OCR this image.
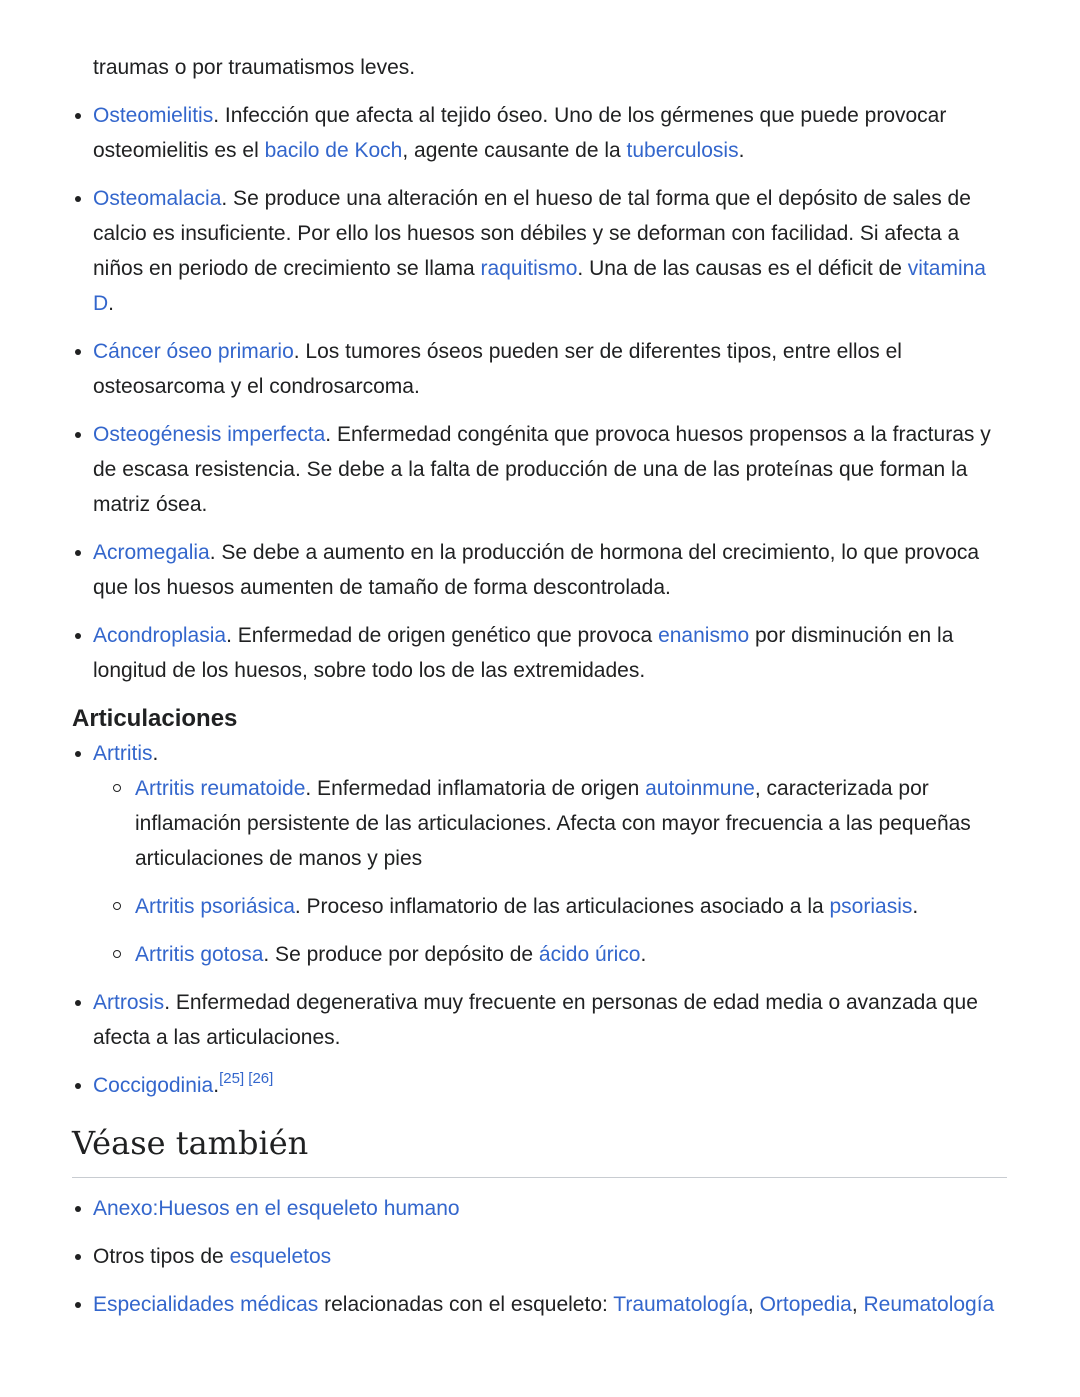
traumas o por traumatismos leves.

Osteomielitis. Infección que afecta al tejido óseo. Uno de los gérmenes que puede provocar osteomielitis es el bacilo de Koch, agente causante de la tuberculosis.
Osteomalacia. Se produce una alteración en el hueso de tal forma que el depósito de sales de calcio es insuficiente. Por ello los huesos son débiles y se deforman con facilidad. Si afecta a niños en periodo de crecimiento se llama raquitismo. Una de las causas es el déficit de vitamina D.
Cáncer óseo primario. Los tumores óseos pueden ser de diferentes tipos, entre ellos el osteosarcoma y el condrosarcoma.
Osteogénesis imperfecta. Enfermedad congénita que provoca huesos propensos a la fracturas y de escasa resistencia. Se debe a la falta de producción de una de las proteínas que forman la matriz ósea.
Acromegalia. Se debe a aumento en la producción de hormona del crecimiento, lo que provoca que los huesos aumenten de tamaño de forma descontrolada.
Acondroplasia. Enfermedad de origen genético que provoca enanismo por disminución en la longitud de los huesos, sobre todo los de las extremidades.
Articulaciones
Artritis.
Artritis reumatoide. Enfermedad inflamatoria de origen autoinmune, caracterizada por inflamación persistente de las articulaciones. Afecta con mayor frecuencia a las pequeñas articulaciones de manos y pies
Artritis psoriásica. Proceso inflamatorio de las articulaciones asociado a la psoriasis.
Artritis gotosa. Se produce por depósito de ácido úrico.
Artrosis. Enfermedad degenerativa muy frecuente en personas de edad media o avanzada que afecta a las articulaciones.
Coccigodinia.[25] [26]
Véase también
Anexo:Huesos en el esqueleto humano
Otros tipos de esqueletos
Especialidades médicas relacionadas con el esqueleto: Traumatología, Ortopedia, Reumatología
